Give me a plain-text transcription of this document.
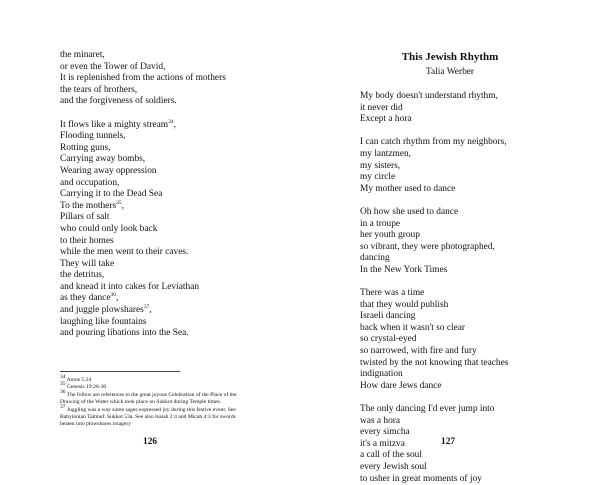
the minaret,
or even the Tower of David,
It is replenished from the actions of mothers
the tears of brothers,
and the forgiveness of soldiers.
It flows like a mighty stream$^{34}$,
Flooding tunnels,
Rotting guns,
Carrying away bombs,
Wearing away oppression
and occupation,
Carrying it to the Dead Sea
To the mothers$^{35}$,
Pillars of salt
who could only look back
to their homes
while the men went to their caves.
They will take
the detritus,
and knead it into cakes for Leviathan
as they dance$^{36}$,
and juggle plowshares$^{37}$,
laughing like fountains
and pouring libations into the Sea.
This Jewish Rhythm
Talia Werber
My body doesn't understand rhythm,
it never did
Except a hora
I can catch rhythm from my neighbors,
my lantzmen,
my sisters,
my circle
My mother used to dance
Oh how she used to dance
in a troupe
her youth group
so vibrant, they were photographed,
dancing
In the New York Times
There was a time
that they would publish
Israeli dancing
back when it wasn't so clear
so crystal-eyed
so narrowed, with fire and fury
twisted by the not knowing that teaches
indignation
How dare Jews dance
The only dancing I'd ever jump into
was a hora
every simcha
it's a mitzva
a call of the soul
every Jewish soul
to usher in great moments of joy
$^{34}$ Amos 5:24
$^{35}$ Genesis 19:26-30
$^{36}$ The follow are references to the great joyous Celebration of the Place of the Drawing of the Water which took place on Sukkot during Temple times.
$^{37}$ Juggling was a way some sages expressed joy during this festive event. See Babylonian Talmud: Sukkot 53a. See also Isaiah 2:4 and Micah 4:3 for swords beaten into plowshares imagery
126	127
